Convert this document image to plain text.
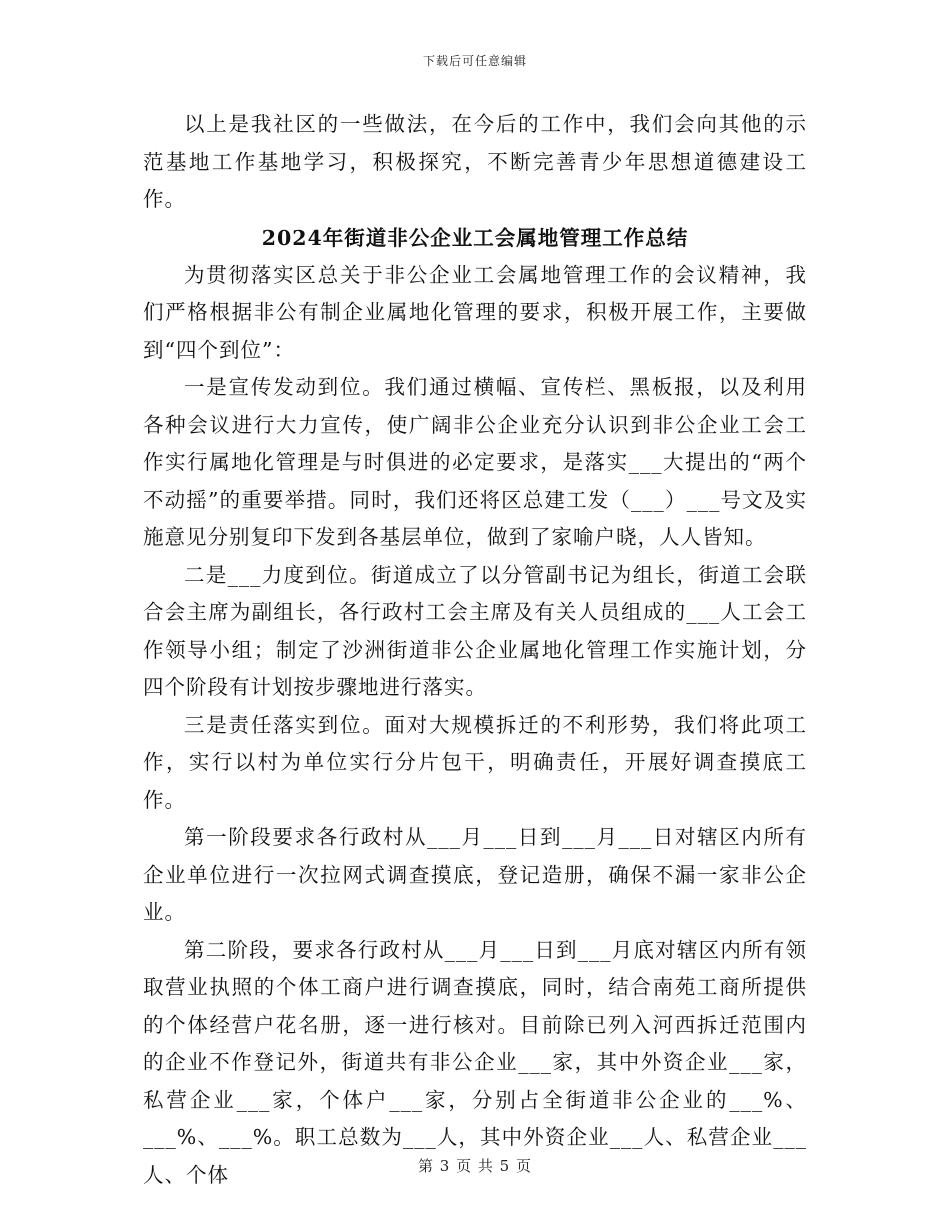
下载后可任意编辑

以上是我社区的一些做法，在今后的工作中，我们会向其他的示范基地工作基地学习，积极探究，不断完善青少年思想道德建设工作。

2024年街道非公企业工会属地管理工作总结

为贯彻落实区总关于非公企业工会属地管理工作的会议精神，我们严格根据非公有制企业属地化管理的要求，积极开展工作，主要做到“四个到位”：

一是宣传发动到位。我们通过横幅、宣传栏、黑板报，以及利用各种会议进行大力宣传，使广阔非公企业充分认识到非公企业工会工作实行属地化管理是与时俱进的必定要求，是落实___大提出的“两个不动摇”的重要举措。同时，我们还将区总建工发（___）___号文及实施意见分别复印下发到各基层单位，做到了家喻户晓，人人皆知。

二是___力度到位。街道成立了以分管副书记为组长，街道工会联合会主席为副组长，各行政村工会主席及有关人员组成的___人工会工作领导小组；制定了沙洲街道非公企业属地化管理工作实施计划，分四个阶段有计划按步骤地进行落实。

三是责任落实到位。面对大规模拆迁的不利形势，我们将此项工作，实行以村为单位实行分片包干，明确责任，开展好调查摸底工作。

第一阶段要求各行政村从___月___日到___月___日对辖区内所有企业单位进行一次拉网式调查摸底，登记造册，确保不漏一家非公企业。

第二阶段，要求各行政村从___月___日到___月底对辖区内所有领取营业执照的个体工商户进行调查摸底，同时，结合南苑工商所提供的个体经营户花名册，逐一进行核对。目前除已列入河西拆迁范围内的企业不作登记外，街道共有非公企业___家，其中外资企业___家，私营企业___家，个体户___家，分别占全街道非公企业的___%、___%、___%。职工总数为___人，其中外资企业___人、私营企业___人、个体	第 3 页 共 5 页
